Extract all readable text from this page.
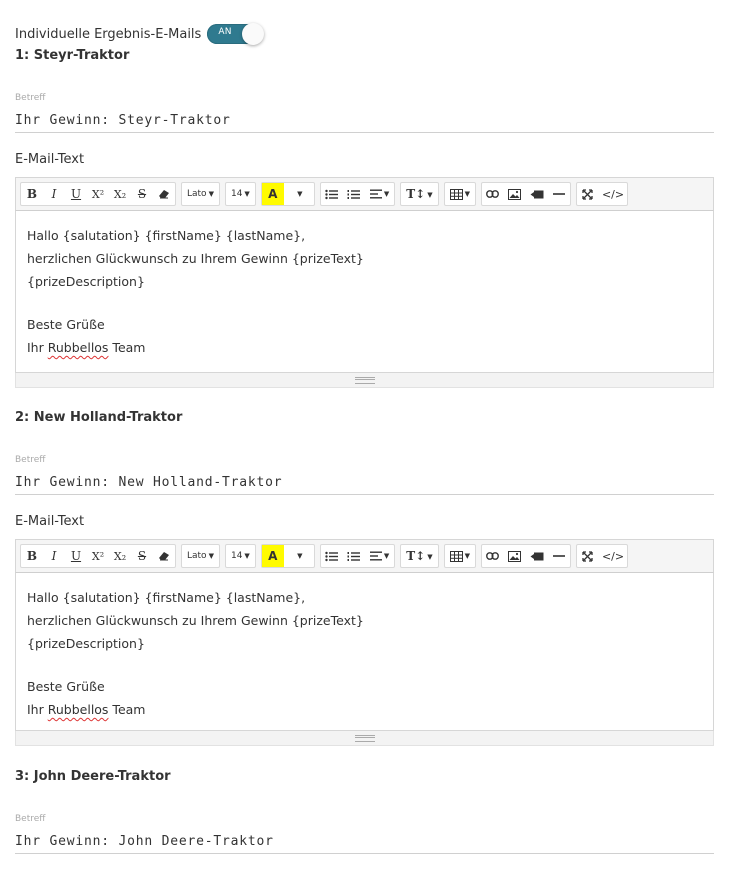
Individuelle Ergebnis-E-Mails AN
1: Steyr-Traktor
Betreff
Ihr Gewinn: Steyr-Traktor
E-Mail-Text
B	I	U X² X₂ S	Lato ▼ 14 ▼	A	▼	▼ T↕ ▼	▼	</>
Hallo {salutation} {firstName} {lastName},
herzlichen Glückwunsch zu Ihrem Gewinn {prizeText}
{prizeDescription}
Beste Grüße
Ihr Rubbellos Team
2: New Holland-Traktor
Betreff
Ihr Gewinn: New Holland-Traktor
E-Mail-Text
B	I	U X² X₂ S	Lato ▼ 14 ▼	A	▼	▼ T↕ ▼	▼	</>
Hallo {salutation} {firstName} {lastName},
herzlichen Glückwunsch zu Ihrem Gewinn {prizeText}
{prizeDescription}
Beste Grüße
Ihr Rubbellos Team
3: John Deere-Traktor
Betreff
Ihr Gewinn: John Deere-Traktor
